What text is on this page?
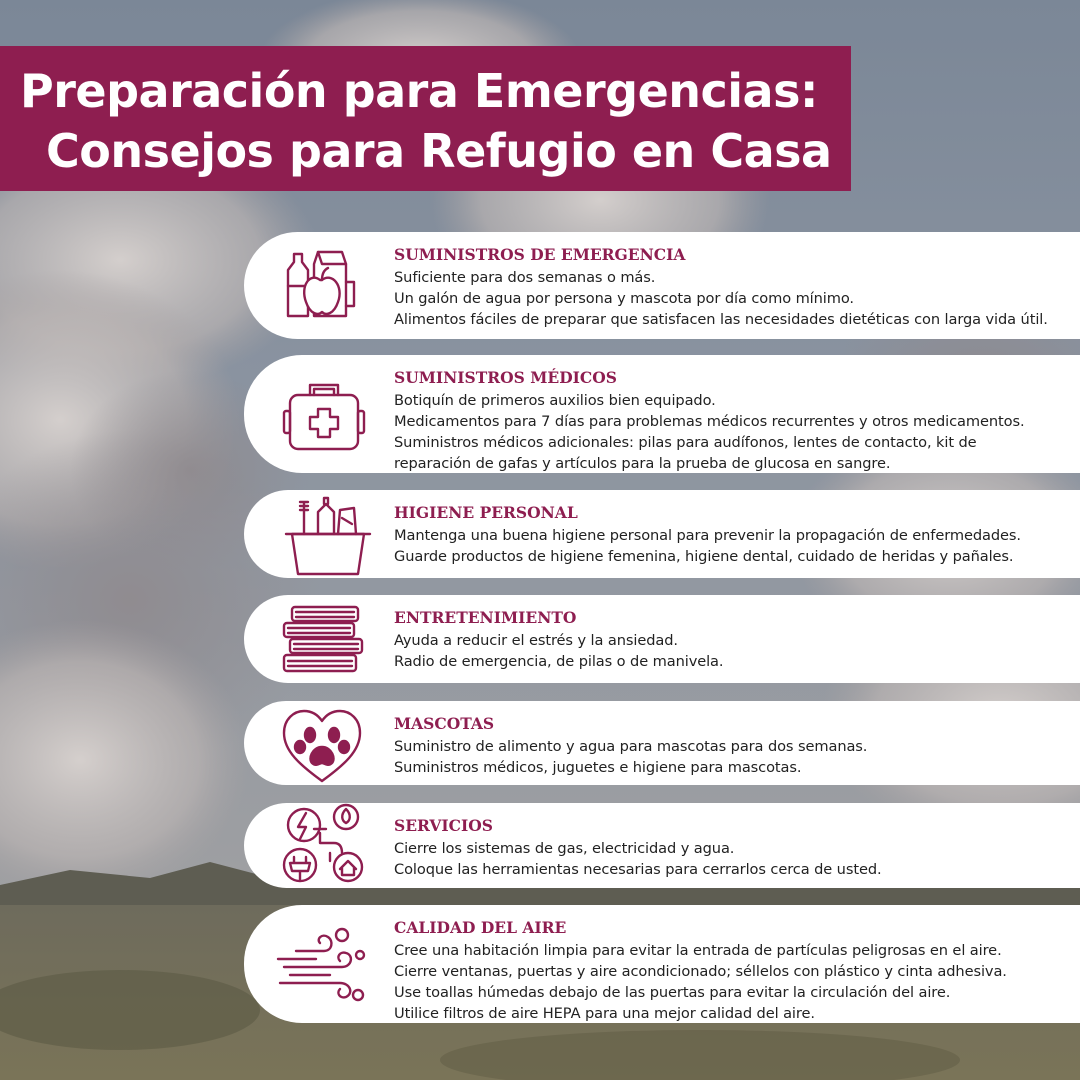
Preparación para Emergencias:
Consejos para Refugio en Casa
SUMINISTROS DE EMERGENCIA
Suficiente para dos semanas o más.
Un galón de agua por persona y mascota por día como mínimo.
Alimentos fáciles de preparar que satisfacen las necesidades dietéticas con larga vida útil.
SUMINISTROS MÉDICOS
Botiquín de primeros auxilios bien equipado.
Medicamentos para 7 días para problemas médicos recurrentes y otros medicamentos.
Suministros médicos adicionales: pilas para audífonos, lentes de contacto, kit de
reparación de gafas y artículos para la prueba de glucosa en sangre.
HIGIENE PERSONAL
Mantenga una buena higiene personal para prevenir la propagación de enfermedades.
Guarde productos de higiene femenina, higiene dental, cuidado de heridas y pañales.
ENTRETENIMIENTO
Ayuda a reducir el estrés y la ansiedad.
Radio de emergencia, de pilas o de manivela.
MASCOTAS
Suministro de alimento y agua para mascotas para dos semanas.
Suministros médicos, juguetes e higiene para mascotas.
SERVICIOS
Cierre los sistemas de gas, electricidad y agua.
Coloque las herramientas necesarias para cerrarlos cerca de usted.
CALIDAD DEL AIRE
Cree una habitación limpia para evitar la entrada de partículas peligrosas en el aire.
Cierre ventanas, puertas y aire acondicionado; séllelos con plástico y cinta adhesiva.
Use toallas húmedas debajo de las puertas para evitar la circulación del aire.
Utilice filtros de aire HEPA para una mejor calidad del aire.
